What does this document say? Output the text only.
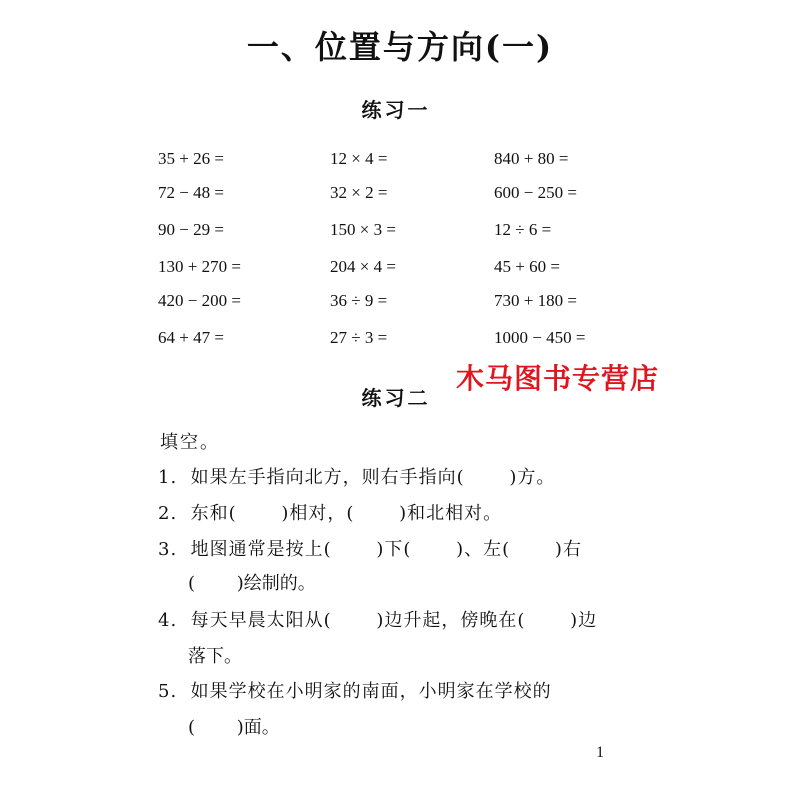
一、位置与方向(一)
练习一
35 + 26 =
72 − 48 =
90 − 29 =
130 + 270 =
420 − 200 =
64 + 47 =
12 × 4 =
32 × 2 =
150 × 3 =
204 × 4 =
36 ÷ 9 =
27 ÷ 3 =
840 + 80 =
600 − 250 =
12 ÷ 6 =
45 + 60 =
730 + 180 =
1000 − 450 =
木马图书专营店
练习二
填空。
1. 如果左手指向北方，则右手指向(　　 )方。
2. 东和(　　 )相对，(　　 )和北相对。
3. 地图通常是按上(　　 )下(　　 )、左(　　 )右
(　　 )绘制的。
4. 每天早晨太阳从(　　 )边升起，傍晚在(　　 )边
落下。
5. 如果学校在小明家的南面，小明家在学校的
(　　 )面。
1
